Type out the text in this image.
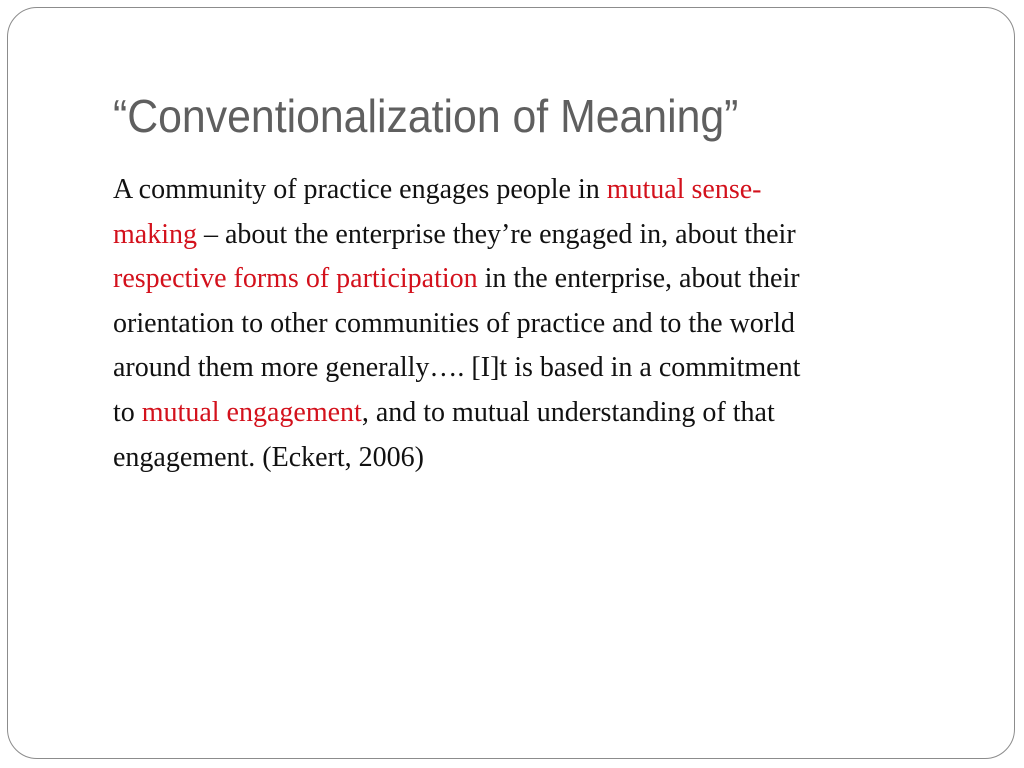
“Conventionalization of Meaning”
A community of practice engages people in mutual sense-
making – about the enterprise they’re engaged in, about their
respective forms of participation in the enterprise, about their
orientation to other communities of practice and to the world
around them more generally…. [I]t is based in a commitment
to mutual engagement, and to mutual understanding of that
engagement. (Eckert, 2006)
